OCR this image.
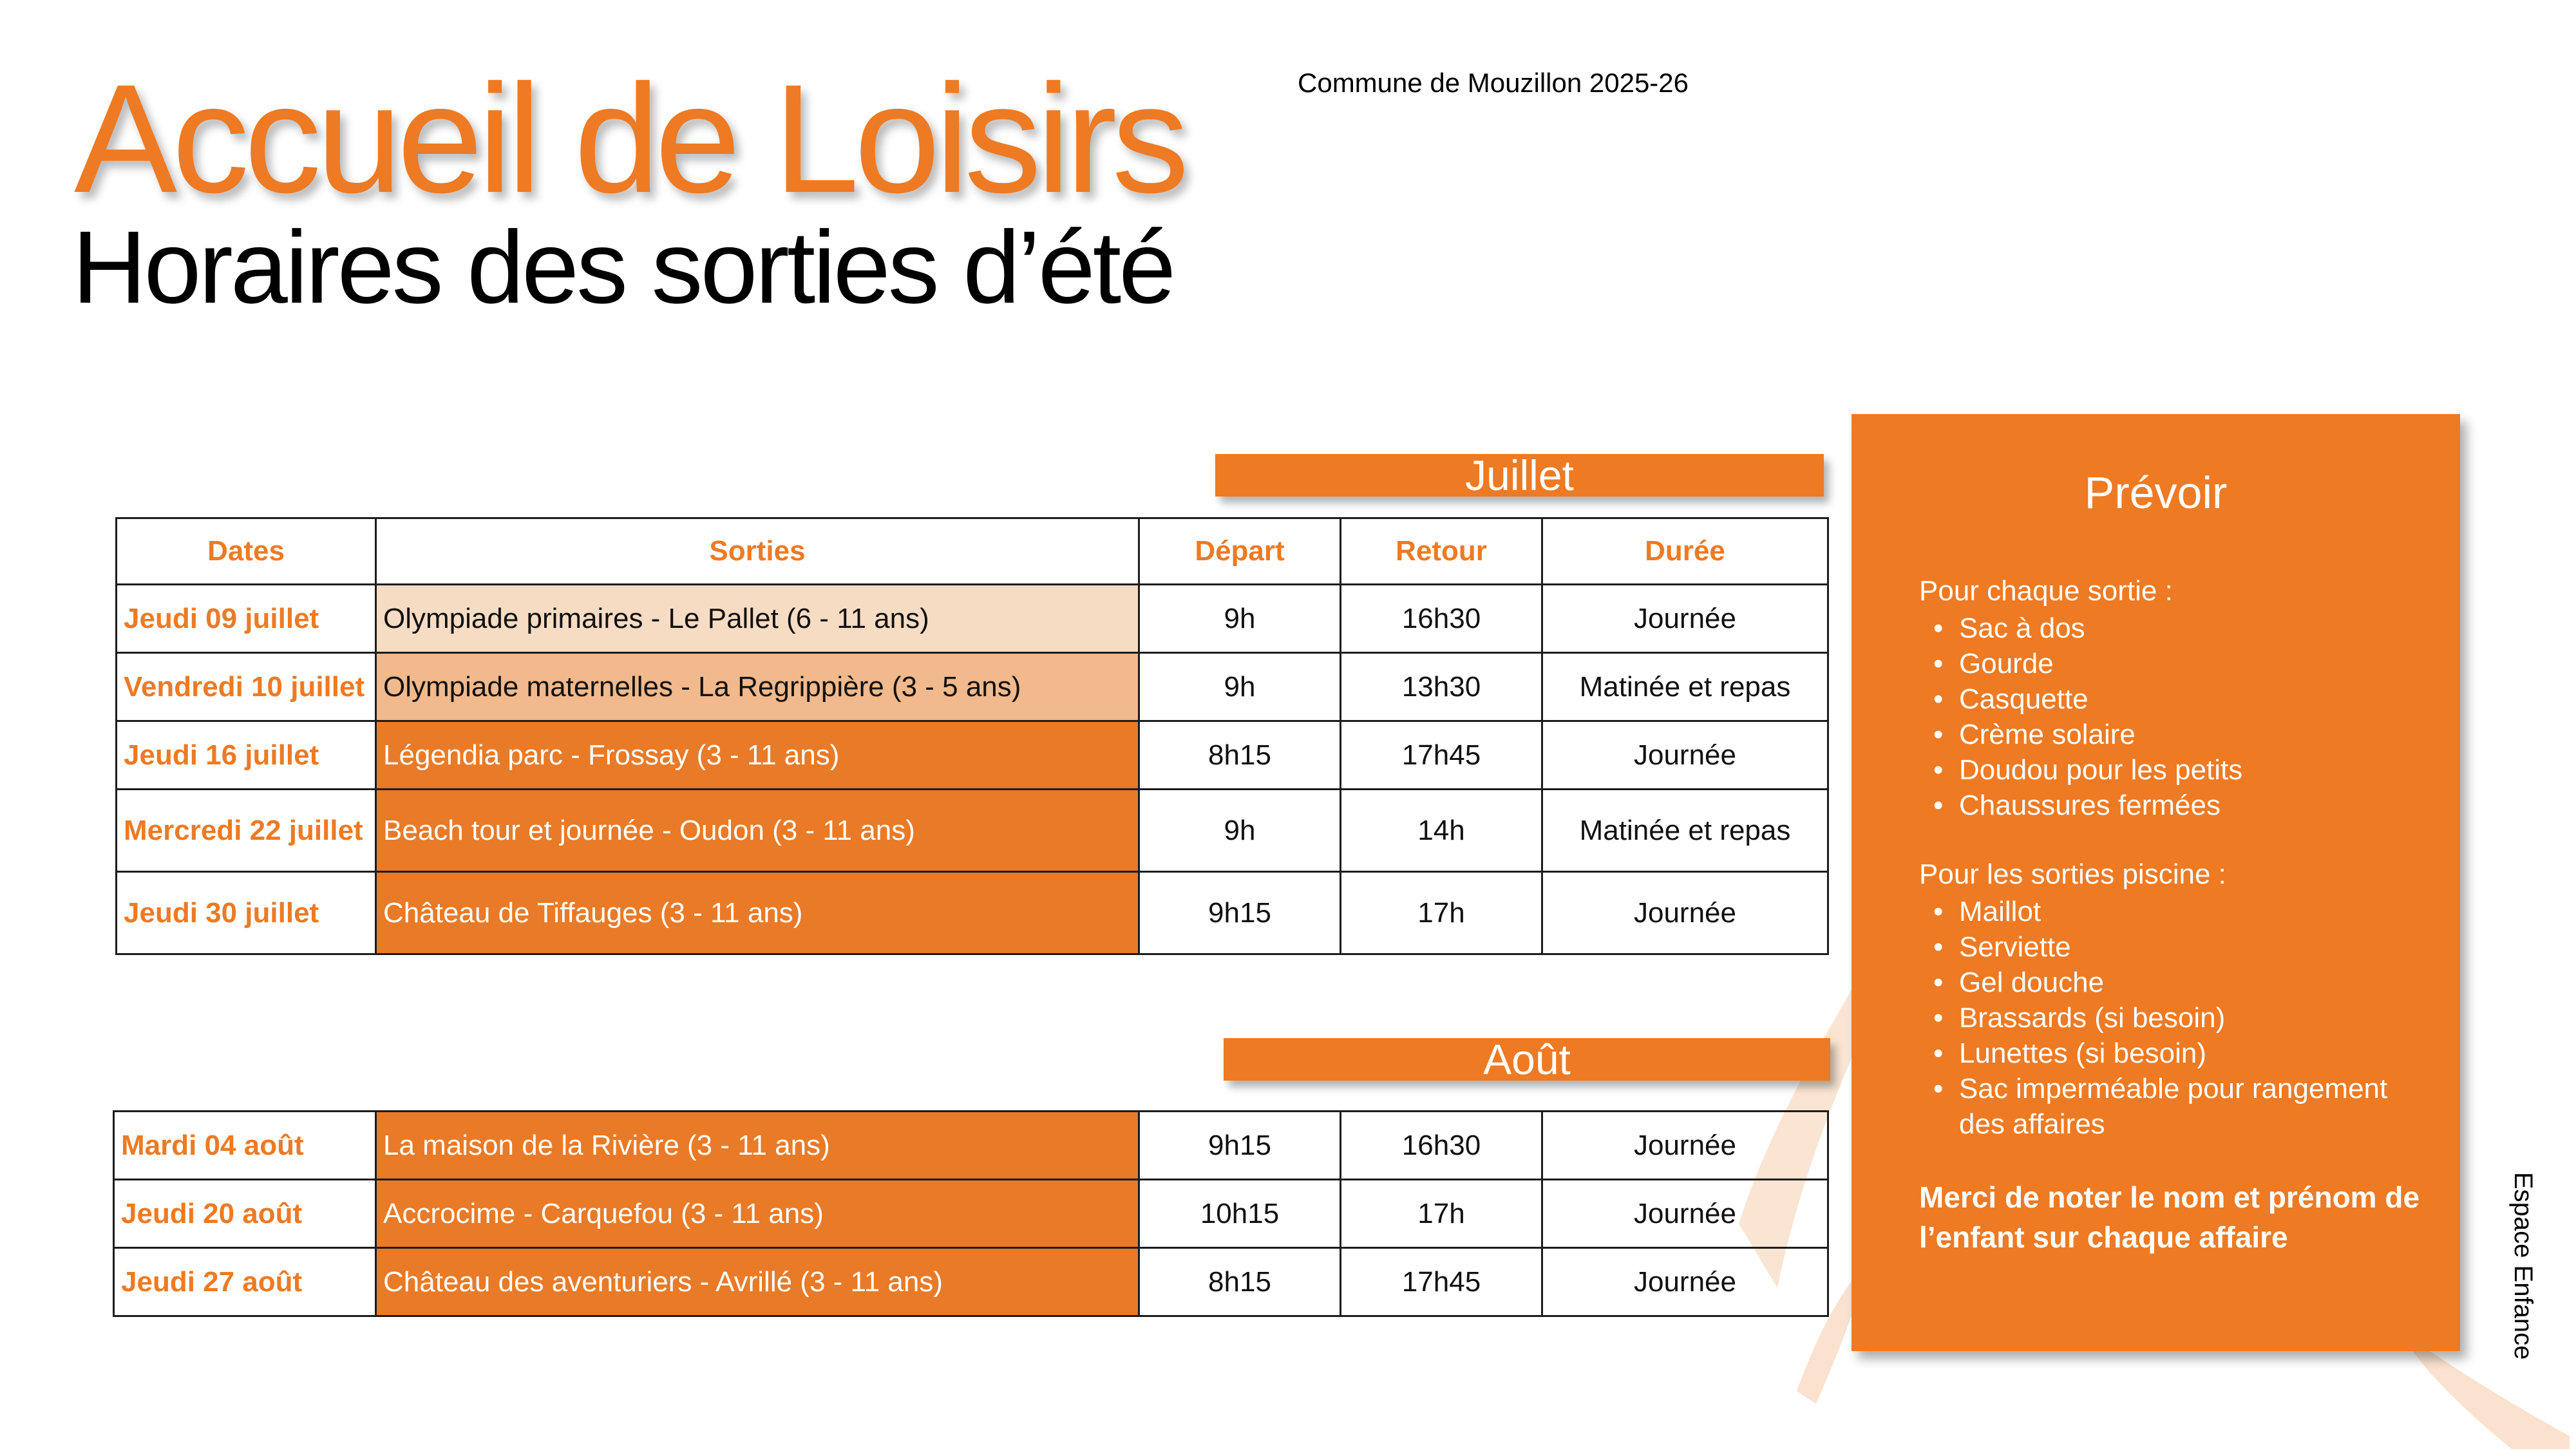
Accueil de Loisirs
Horaires des sorties d’été
Commune de Mouzillon 2025-26
Juillet
Dates	Sorties	Départ	Retour	Durée
Jeudi 09 juillet	Olympiade primaires - Le Pallet (6 - 11 ans)	9h	16h30	Journée
Vendredi 10 juillet	Olympiade maternelles - La Regrippière (3 - 5 ans)	9h	13h30	Matinée et repas
Jeudi 16 juillet	Légendia parc - Frossay (3 - 11 ans)	8h15	17h45	Journée
Mercredi 22 juillet	Beach tour et journée - Oudon (3 - 11 ans)	9h	14h	Matinée et repas
Jeudi 30 juillet	Château de Tiffauges (3 - 11 ans)	9h15	17h	Journée
Août
Mardi 04 août	La maison de la Rivière (3 - 11 ans)	9h15	16h30	Journée
Jeudi 20 août	Accrocime - Carquefou (3 - 11 ans)	10h15	17h	Journée
Jeudi 27 août	Château des aventuriers - Avrillé (3 - 11 ans)	8h15	17h45	Journée
Prévoir
Pour chaque sortie :
• Sac à dos
• Gourde
• Casquette
• Crème solaire
• Doudou pour les petits
• Chaussures fermées
Pour les sorties piscine :
• Maillot
• Serviette
• Gel douche
• Brassards (si besoin)
• Lunettes (si besoin)
• Sac imperméable pour rangement des affaires
Merci de noter le nom et prénom de l’enfant sur chaque affaire	Espace Enfance
